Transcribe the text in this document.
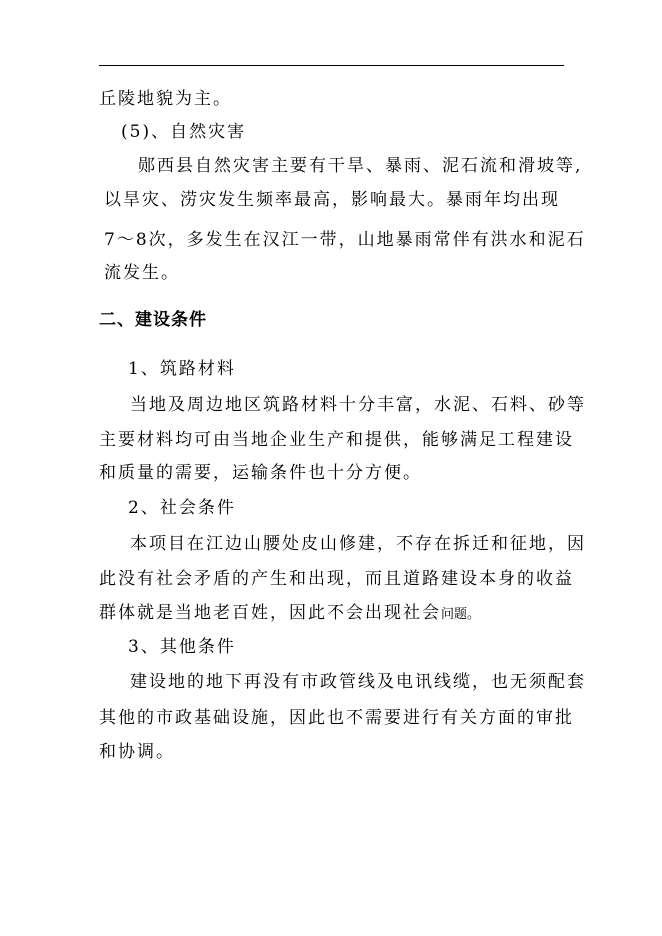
丘陵地貌为主。
(5)、自然灾害
郧西县自然灾害主要有干旱、暴雨、泥石流和滑坡等,
以旱灾、涝灾发生频率最高，影响最大。暴雨年均出现
7～8次，多发生在汉江一带，山地暴雨常伴有洪水和泥石
流发生。
二、建设条件
1、筑路材料
当地及周边地区筑路材料十分丰富，水泥、石料、砂等
主要材料均可由当地企业生产和提供，能够满足工程建设
和质量的需要，运输条件也十分方便。
2、社会条件
本项目在江边山腰处皮山修建，不存在拆迁和征地，因
此没有社会矛盾的产生和出现，而且道路建设本身的收益
群体就是当地老百姓，因此不会出现社会问题。
3、其他条件
建设地的地下再没有市政管线及电讯线缆，也无须配套
其他的市政基础设施，因此也不需要进行有关方面的审批
和协调。
